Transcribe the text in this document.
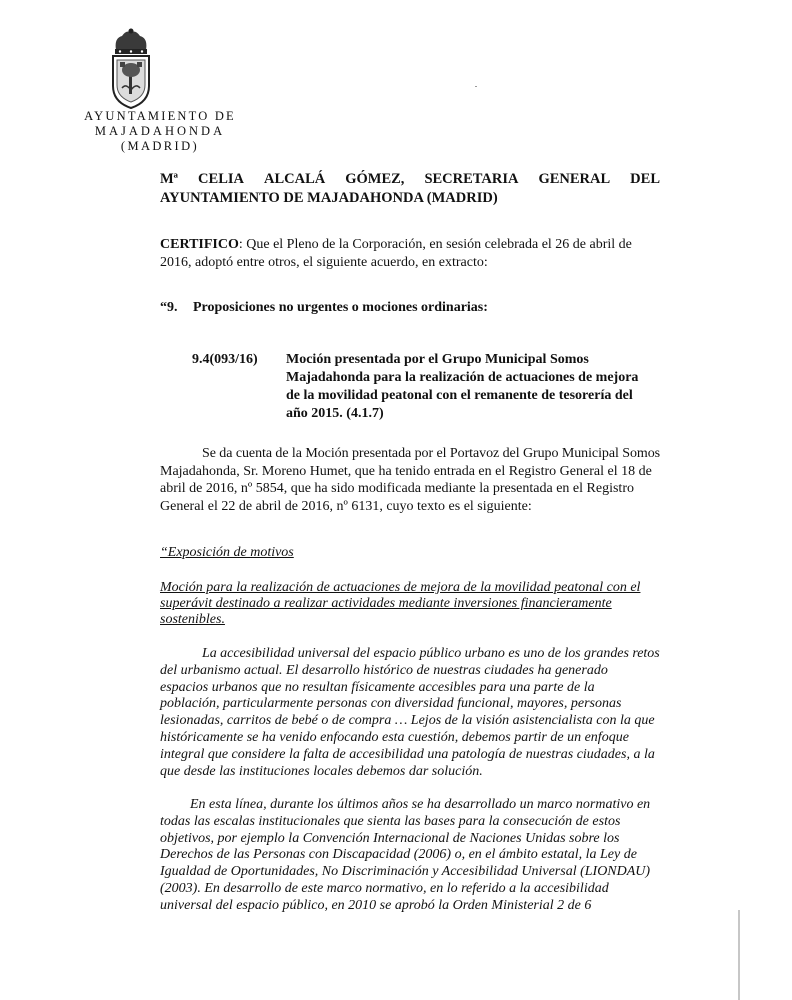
AYUNTAMIENTO DE
MAJADAHONDA
(MADRID)
Mª CELIA ALCALÁ GÓMEZ, SECRETARIA GENERAL DEL
AYUNTAMIENTO DE MAJADAHONDA (MADRID)
CERTIFICO: Que el Pleno de la Corporación, en sesión celebrada el 26 de abril de
2016, adoptó entre otros, el siguiente acuerdo, en extracto:
“9. Proposiciones no urgentes o mociones ordinarias:
9.4(093/16) Moción presentada por el Grupo Municipal Somos
Majadahonda para la realización de actuaciones de mejora
de la movilidad peatonal con el remanente de tesorería del
año 2015. (4.1.7)
Se da cuenta de la Moción presentada por el Portavoz del Grupo Municipal Somos
Majadahonda, Sr. Moreno Humet, que ha tenido entrada en el Registro General el 18 de
abril de 2016, nº 5854, que ha sido modificada mediante la presentada en el Registro
General el 22 de abril de 2016, nº 6131, cuyo texto es el siguiente:
“Exposición de motivos
Moción para la realización de actuaciones de mejora de la movilidad peatonal con el
superávit destinado a realizar actividades mediante inversiones financieramente
sostenibles.
La accesibilidad universal del espacio público urbano es uno de los grandes retos
del urbanismo actual. El desarrollo histórico de nuestras ciudades ha generado
espacios urbanos que no resultan físicamente accesibles para una parte de la
población, particularmente personas con diversidad funcional, mayores, personas
lesionadas, carritos de bebé o de compra … Lejos de la visión asistencialista con la que
históricamente se ha venido enfocando esta cuestión, debemos partir de un enfoque
integral que considere la falta de accesibilidad una patología de nuestras ciudades, a la
que desde las instituciones locales debemos dar solución.
En esta línea, durante los últimos años se ha desarrollado un marco normativo en
todas las escalas institucionales que sienta las bases para la consecución de estos
objetivos, por ejemplo la Convención Internacional de Naciones Unidas sobre los
Derechos de las Personas con Discapacidad (2006) o, en el ámbito estatal, la Ley de
Igualdad de Oportunidades, No Discriminación y Accesibilidad Universal (LIONDAU)
(2003). En desarrollo de este marco normativo, en lo referido a la accesibilidad
universal del espacio público, en 2010 se aprobó la Orden Ministerial 2 de 6
